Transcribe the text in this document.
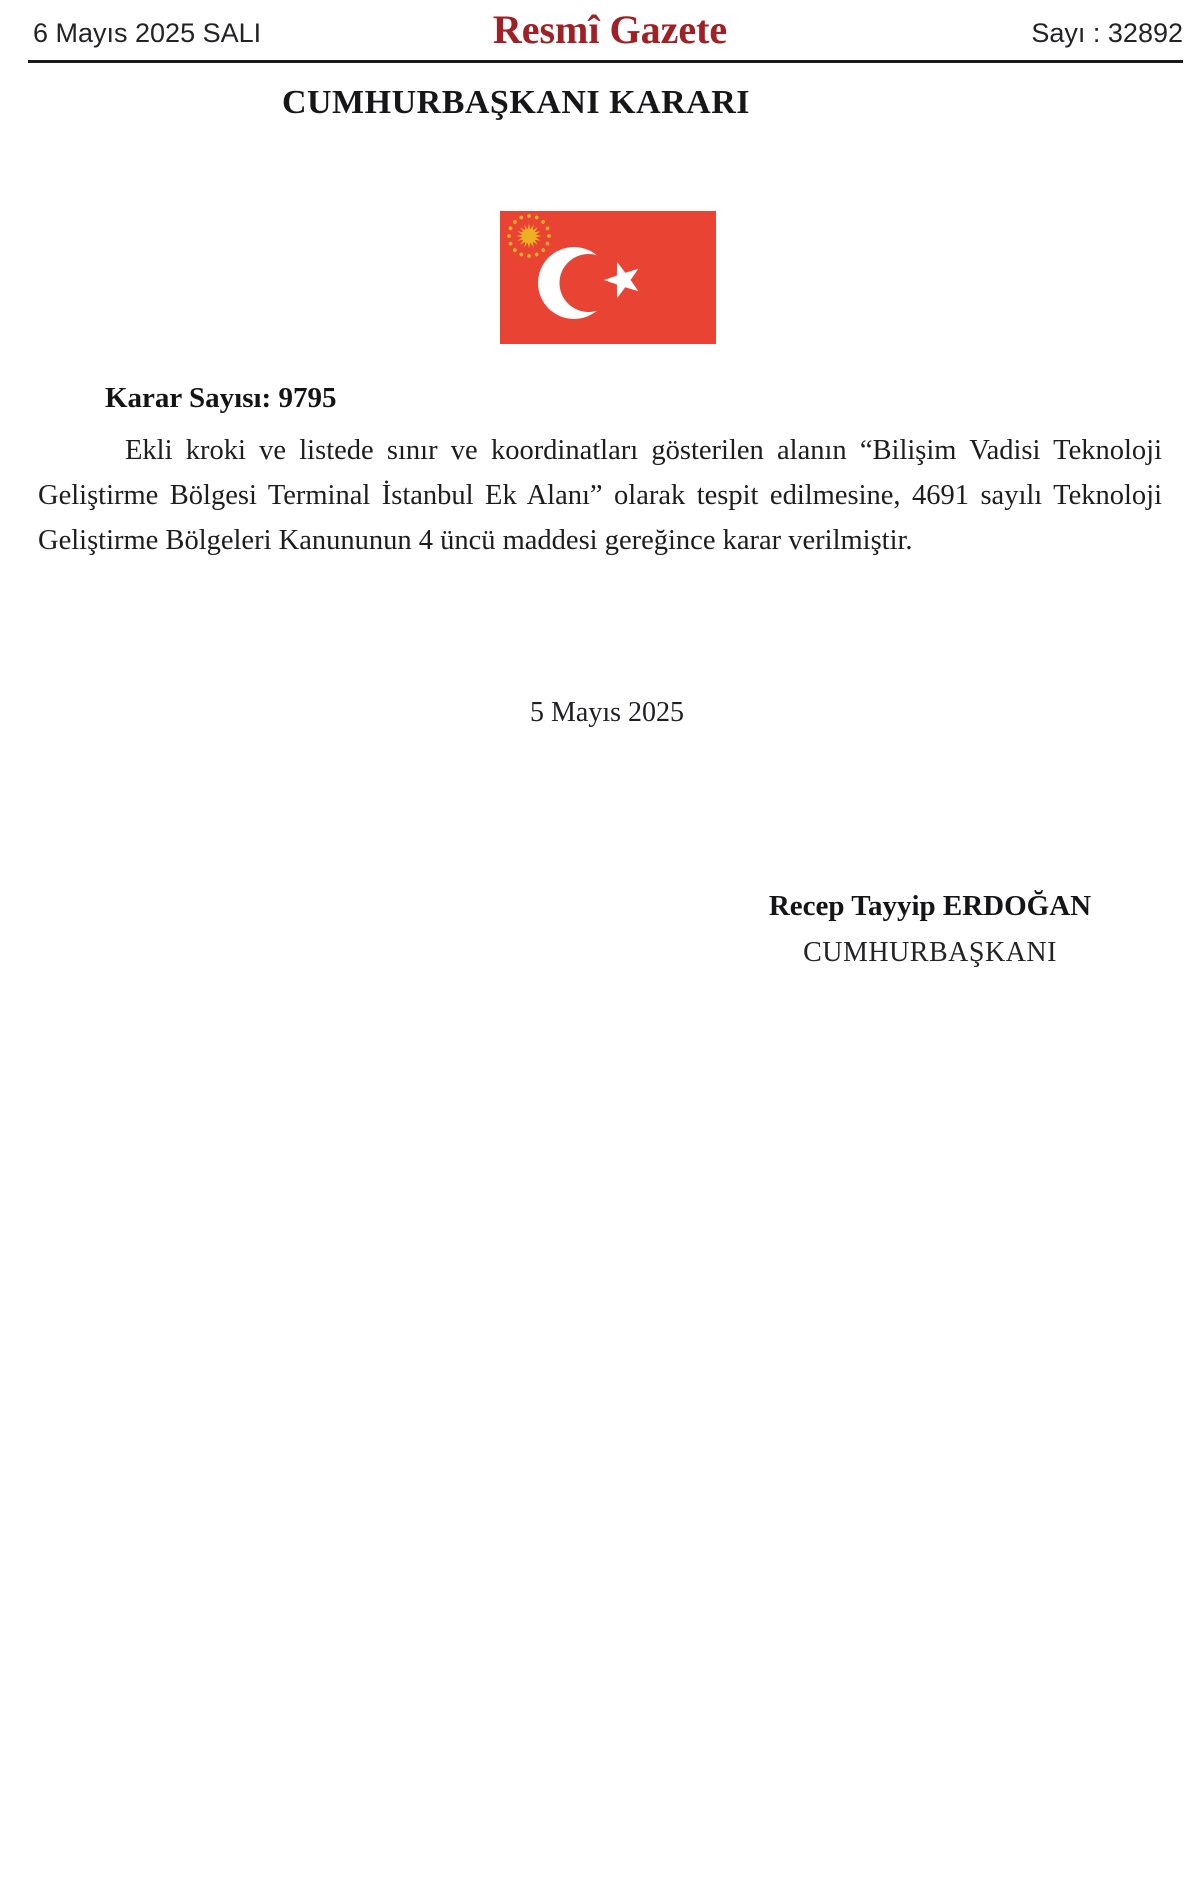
6 Mayıs 2025 SALI	Resmî Gazete	Sayı : 32892
CUMHURBAŞKANI KARARI
Karar Sayısı: 9795
Ekli kroki ve listede sınır ve koordinatları gösterilen alanın “Bilişim Vadisi Teknoloji Geliştirme Bölgesi Terminal İstanbul Ek Alanı” olarak tespit edilmesine, 4691 sayılı Teknoloji Geliştirme Bölgeleri Kanununun 4 üncü maddesi gereğince karar verilmiştir.
5 Mayıs 2025
Recep Tayyip ERDOĞAN
CUMHURBAŞKANI
